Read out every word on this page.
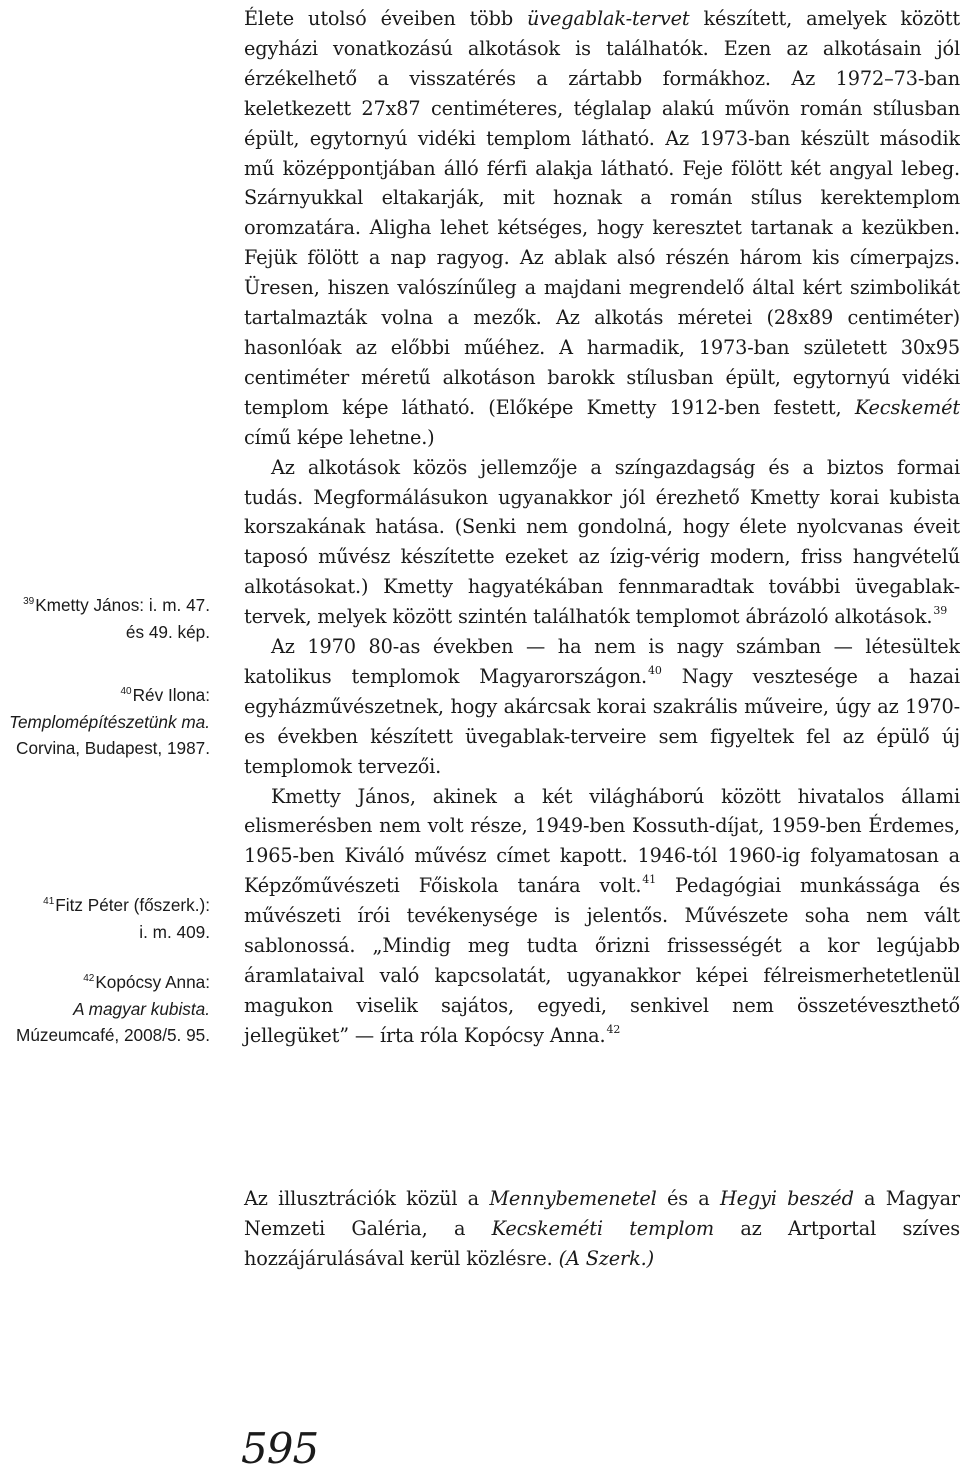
$^{39}$Kmetty János: i. m. 47.
és 49. kép.
$^{40}$Rév Ilona:
Templomépítészetünk ma.
Corvina, Budapest, 1987.
$^{41}$Fitz Péter (főszerk.):
i. m. 409.
$^{42}$Kopócsy Anna:
A magyar kubista.
Múzeumcafé, 2008/5. 95.

Élete utolsó éveiben több üvegablak-tervet készített, amelyek között egyházi vonatkozású alkotások is találhatók. Ezen az alkotásain jól érzékelhető a visszatérés a zártabb formákhoz. Az 1972–73-ban keletkezett 27x87 centiméteres, téglalap alakú művön román stílusban épült, egytornyú vidéki templom látható. Az 1973-ban készült második mű középpontjában álló férfi alakja látható. Feje fölött két angyal lebeg. Szárnyukkal eltakarják, mit hoznak a román stílus kerektemplom oromzatára. Aligha lehet kétséges, hogy keresztet tartanak a kezükben. Fejük fölött a nap ragyog. Az ablak alsó részén három kis címerpajzs. Üresen, hiszen valószínűleg a majdani megrendelő által kért szimbolikát tartalmazták volna a mezők. Az alkotás méretei (28x89 centiméter) hasonlóak az előbbi műéhez. A harmadik, 1973-ban született 30x95 centiméter méretű alkotáson barokk stílusban épült, egytornyú vidéki templom képe látható. (Előképe Kmetty 1912-ben festett, Kecskemét című képe lehetne.)

Az alkotások közös jellemzője a színgazdagság és a biztos formai tudás. Megformálásukon ugyanakkor jól érezhető Kmetty korai kubista korszakának hatása. (Senki nem gondolná, hogy élete nyolcvanas éveit taposó művész készítette ezeket az ízig-vérig modern, friss hangvételű alkotásokat.) Kmetty hagyatékában fennmaradtak további üvegablak-tervek, melyek között szintén találhatók templomot ábrázoló alkotások.$^{39}$

Az 1970 80-as években — ha nem is nagy számban — létesültek katolikus templomok Magyarországon.$^{40}$ Nagy vesztesége a hazai egyházművészetnek, hogy akárcsak korai szakrális műveire, úgy az 1970-es években készített üvegablak-terveire sem figyeltek fel az épülő új templomok tervezői.

Kmetty János, akinek a két világháború között hivatalos állami elismerésben nem volt része, 1949-ben Kossuth-díjat, 1959-ben Érdemes, 1965-ben Kiváló művész címet kapott. 1946-tól 1960-ig folyamatosan a Képzőművészeti Főiskola tanára volt.$^{41}$ Pedagógiai munkássága és művészeti írói tevékenysége is jelentős. Művészete soha nem vált sablonossá. „Mindig meg tudta őrizni frissességét a kor legújabb áramlataival való kapcsolatát, ugyanakkor képei félreismerhetetlenül magukon viselik sajátos, egyedi, senkivel nem összetéveszthető jellegüket” — írta róla Kopócsy Anna.$^{42}$

Az illusztrációk közül a Mennybemenetel és a Hegyi beszéd a Magyar Nemzeti Galéria, a Kecskeméti templom az Artportal szíves hozzájárulásával kerül közlésre. (A Szerk.)
595
